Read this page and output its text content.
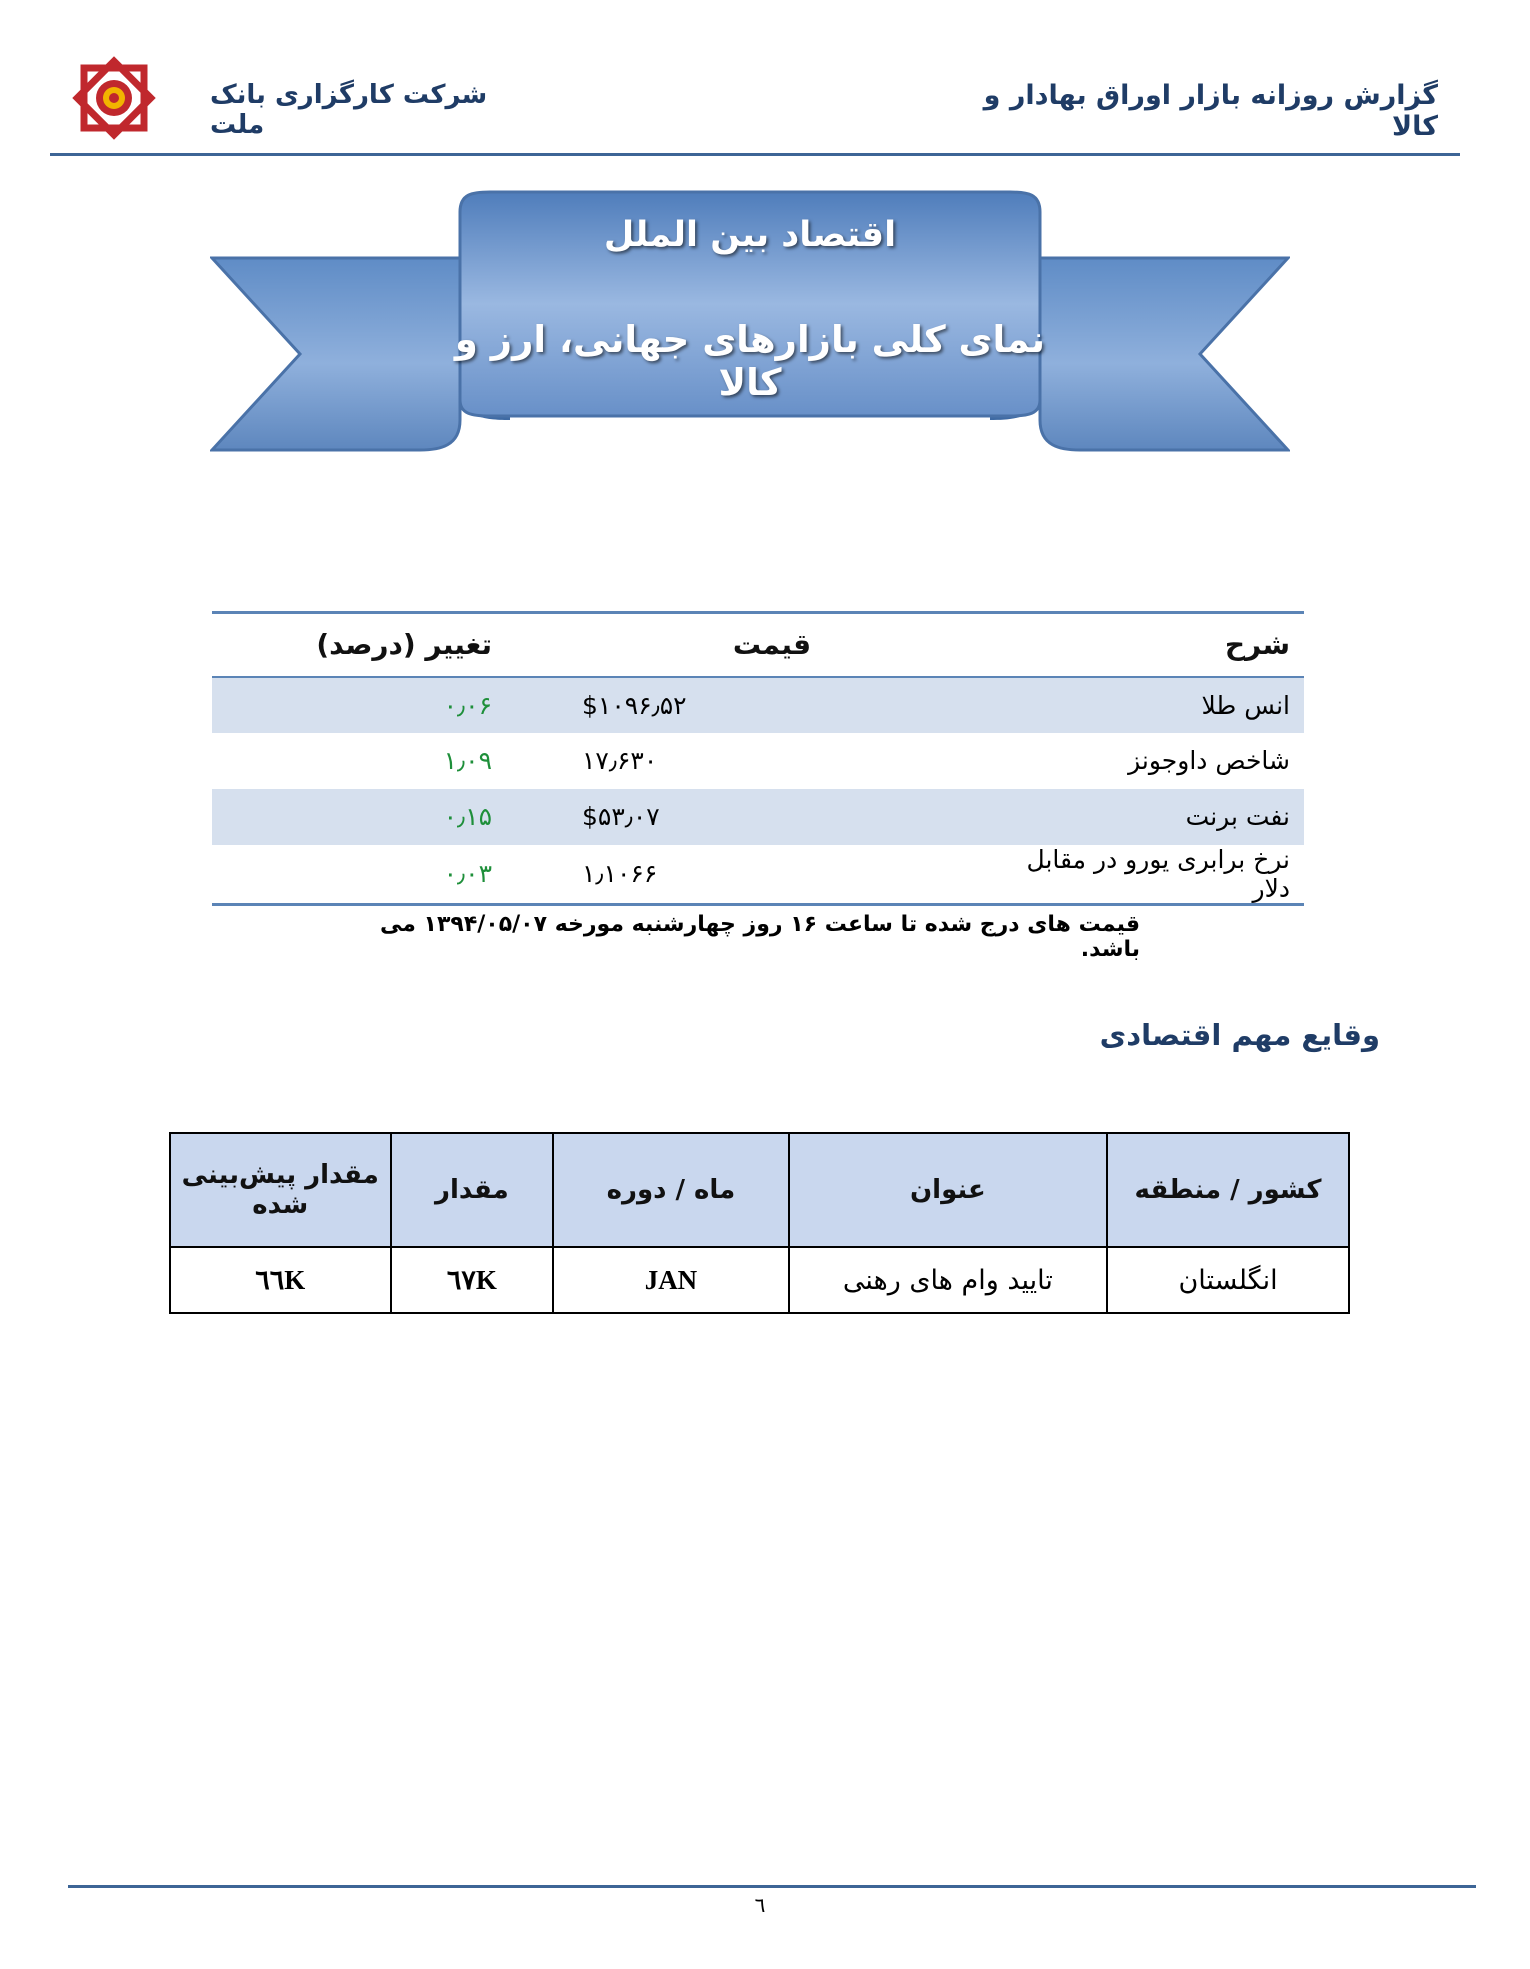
شرکت کارگزاری بانک ملت
گزارش روزانه بازار اوراق بهادار و کالا
اقتصاد بین الملل
نمای کلی بازارهای جهانی، ارز و کالا
شرح	قیمت	تغییر (درصد)
انس طلا	$۱۰۹۶٫۵۲	۰٫۰۶
شاخص داوجونز	۱۷٫۶۳۰	۱٫۰۹
نفت برنت	$۵۳٫۰۷	۰٫۱۵
نرخ برابری یورو در مقابل دلار	۱٫۱۰۶۶	۰٫۰۳
قیمت های درج شده تا ساعت ۱۶ روز چهارشنبه مورخه ۱۳۹۴/۰۵/۰۷ می باشد.
وقایع مهم اقتصادی
کشور / منطقه	عنوان	ماه / دوره	مقدار	مقدار پیش‌بینی شده
انگلستان	تایید وام های رهنی	JAN	٦٧K	٦٦K
٦
